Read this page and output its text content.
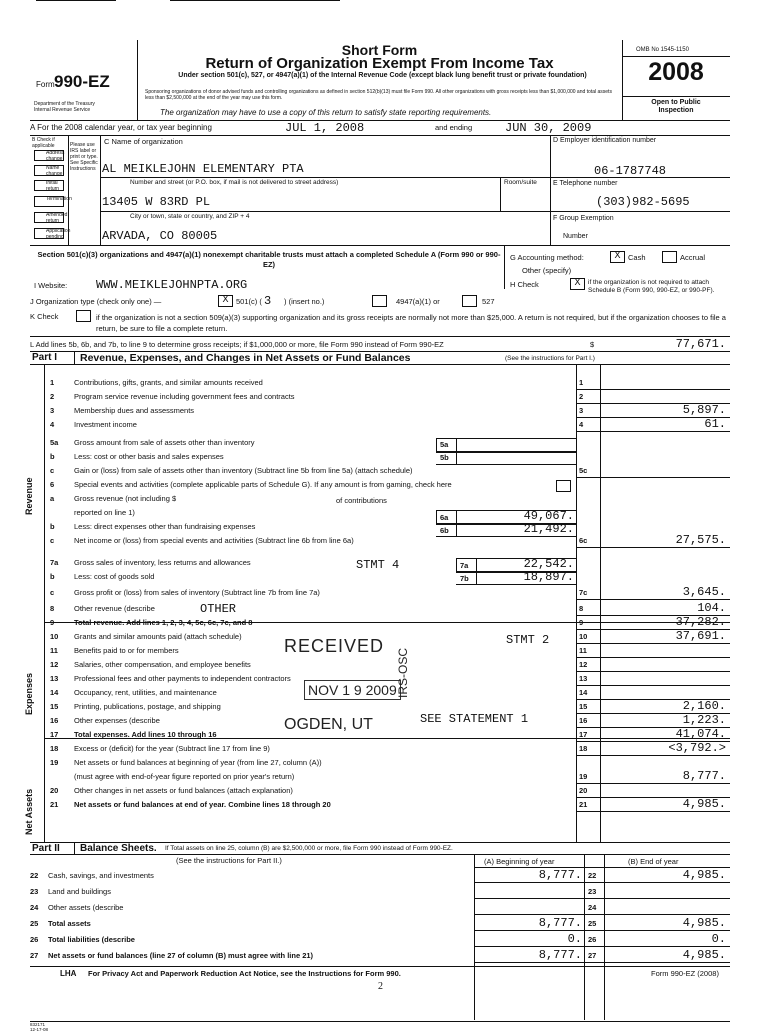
Form 990-EZ
Department of the Treasury
Internal Revenue Service
Short Form
Return of Organization Exempt From Income Tax
Under section 501(c), 527, or 4947(a)(1) of the Internal Revenue Code (except black lung benefit trust or private foundation)
Sponsoring organizations of donor advised funds and controlling organizations as defined in section 512(b)(13) must file Form 990. All other organizations with gross receipts less than $1,000,000 and total assets less than $2,500,000 at the end of the year may use this form.
The organization may have to use a copy of this return to satisfy state reporting requirements.
OMB No 1545-1150
2008
Open to Public Inspection
A For the 2008 calendar year, or tax year beginning	JUL 1, 2008	and ending	JUN 30, 2009
B Check if applicable
Address change
Name change
Initial return
Termination
Amended return
Application pending
Please use IRS label or print or type. See Specific Instructions
C Name of organization
AL MEIKLEJOHN ELEMENTARY PTA
Number and street (or P.O. box, if mail is not delivered to street address)	Room/suite
13405 W 83RD PL
City or town, state or country, and ZIP + 4
ARVADA, CO 80005
D Employer identification number
06-1787748
E Telephone number
(303)982-5695
F Group Exemption
Number
Section 501(c)(3) organizations and 4947(a)(1) nonexempt charitable trusts must attach a completed Schedule A (Form 990 or 990-EZ)
G Accounting method:	X	Cash	Accrual
Other (specify)
H Check	X	if the organization is not required to attach Schedule B (Form 990, 990-EZ, or 990-PF).
I Website: WWW.MEIKLEJOHNPTA.ORG
J Organization type (check only one) —	X	501(c) ( 3 ) (insert no.)	4947(a)(1) or	527
K Check	if the organization is not a section 509(a)(3) supporting organization and its gross receipts are normally not more than $25,000. A return is not required, but if the organization chooses to file a return, be sure to file a complete return.
L Add lines 5b, 6b, and 7b, to line 9 to determine gross receipts; if $1,000,000 or more, file Form 990 instead of Form 990-EZ	$	77,671.
Part I Revenue, Expenses, and Changes in Net Assets or Fund Balances	(See the instructions for Part I.)
Revenue
Expenses
Net Assets
1	Contributions, gifts, grants, and similar amounts received	1
2	Program service revenue including government fees and contracts	2
3	Membership dues and assessments	3	5,897.
4	Investment income	4	61.
5a Gross amount from sale of assets other than inventory
b	Less: cost or other basis and sales expenses
c	Gain or (loss) from sale of assets other than inventory (Subtract line 5b from line 5a) (attach schedule)	5c
6	Special events and activities (complete applicable parts of Schedule G). If any amount is from gaming, check here
a	Gross revenue (not including $
reported on line 1)
b	Less: direct expenses other than fundraising expenses
c	Net income or (loss) from special events and activities (Subtract line 6b from line 6a)	6c	27,575.
7a Gross sales of inventory, less returns and allowances
b	Less: cost of goods sold
c	Gross profit or (loss) from sales of inventory (Subtract line 7b from line 7a)	7c	3,645.
8	Other revenue (describe	8	104.
9	Total revenue. Add lines 1, 2, 3, 4, 5c, 6c, 7c, and 8	9	37,282.
10 Grants and similar amounts paid (attach schedule)	10	37,691.
11 Benefits paid to or for members	11
12 Salaries, other compensation, and employee benefits	12
13 Professional fees and other payments to independent contractors	13
14 Occupancy, rent, utilities, and maintenance	14
15 Printing, publications, postage, and shipping	15	2,160.
16 Other expenses (describe	16	1,223.
17 Total expenses. Add lines 10 through 16	17	41,074.
18 Excess or (deficit) for the year (Subtract line 17 from line 9)	18	<3,792.>
19 Net assets or fund balances at beginning of year (from line 27, column (A))
(must agree with end-of-year figure reported on prior year's return)	19	8,777.
20 Other changes in net assets or fund balances (attach explanation)	20
21 Net assets or fund balances at end of year. Combine lines 18 through 20	21	4,985.
5a
5b
of contributions
6a	49,067.
6b	21,492.
STMT 4	7a	22,542.
7b	18,897.
OTHER
STMT 2
SEE STATEMENT 1
RECEIVED
NOV 1 9 2009
OGDEN, UT
IRS-OSC
Part II Balance Sheets. If Total assets on line 25, column (B) are $2,500,000 or more, file Form 990 instead of Form 990-EZ.
(See the instructions for Part II.)	(A) Beginning of year	(B) End of year
22 Cash, savings, and investments	8,777. 22	4,985.
23 Land and buildings	23
24 Other assets (describe	24
25 Total assets	8,777. 25	4,985.
26 Total liabilities (describe	0. 26	0.
27 Net assets or fund balances (line 27 of column (B) must agree with line 21)	8,777. 27	4,985.
LHA For Privacy Act and Paperwork Reduction Act Notice, see the Instructions for Form 990.	Form 990-EZ (2008)
2
832171 12-17-08
